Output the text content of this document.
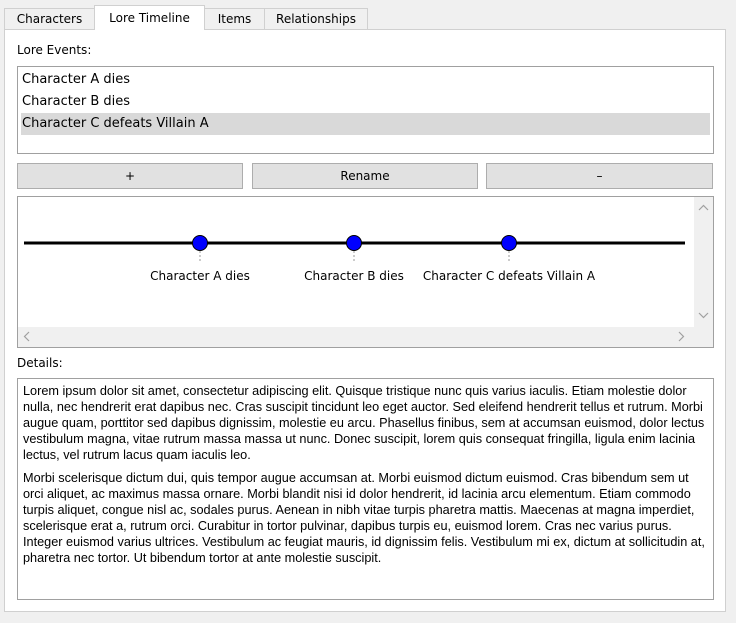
Characters	Lore Timeline	Items	Relationships
Lore Events:
Character A dies
Character B dies
Character C defeats Villain A
+	Rename	–
Character A dies	Character B dies Character C defeats Villain A
Details:

Lorem ipsum dolor sit amet, consectetur adipiscing elit. Quisque tristique nunc quis varius iaculis. Etiam molestie dolor nulla, nec hendrerit erat dapibus nec. Cras suscipit tincidunt leo eget auctor. Sed eleifend hendrerit tellus et rutrum. Morbi augue quam, porttitor sed dapibus dignissim, molestie eu arcu. Phasellus finibus, sem at accumsan euismod, dolor lectus vestibulum magna, vitae rutrum massa massa ut nunc. Donec suscipit, lorem quis consequat fringilla, ligula enim lacinia lectus, vel rutrum lacus quam iaculis leo.

Morbi scelerisque dictum dui, quis tempor augue accumsan at. Morbi euismod dictum euismod. Cras bibendum sem ut orci aliquet, ac maximus massa ornare. Morbi blandit nisi id dolor hendrerit, id lacinia arcu elementum. Etiam commodo turpis aliquet, congue nisl ac, sodales purus. Aenean in nibh vitae turpis pharetra mattis. Maecenas at magna imperdiet, scelerisque erat a, rutrum orci. Curabitur in tortor pulvinar, dapibus turpis eu, euismod lorem. Cras nec varius purus. Integer euismod varius ultrices. Vestibulum ac feugiat mauris, id dignissim felis. Vestibulum mi ex, dictum at sollicitudin at, pharetra nec tortor. Ut bibendum tortor at ante molestie suscipit.
